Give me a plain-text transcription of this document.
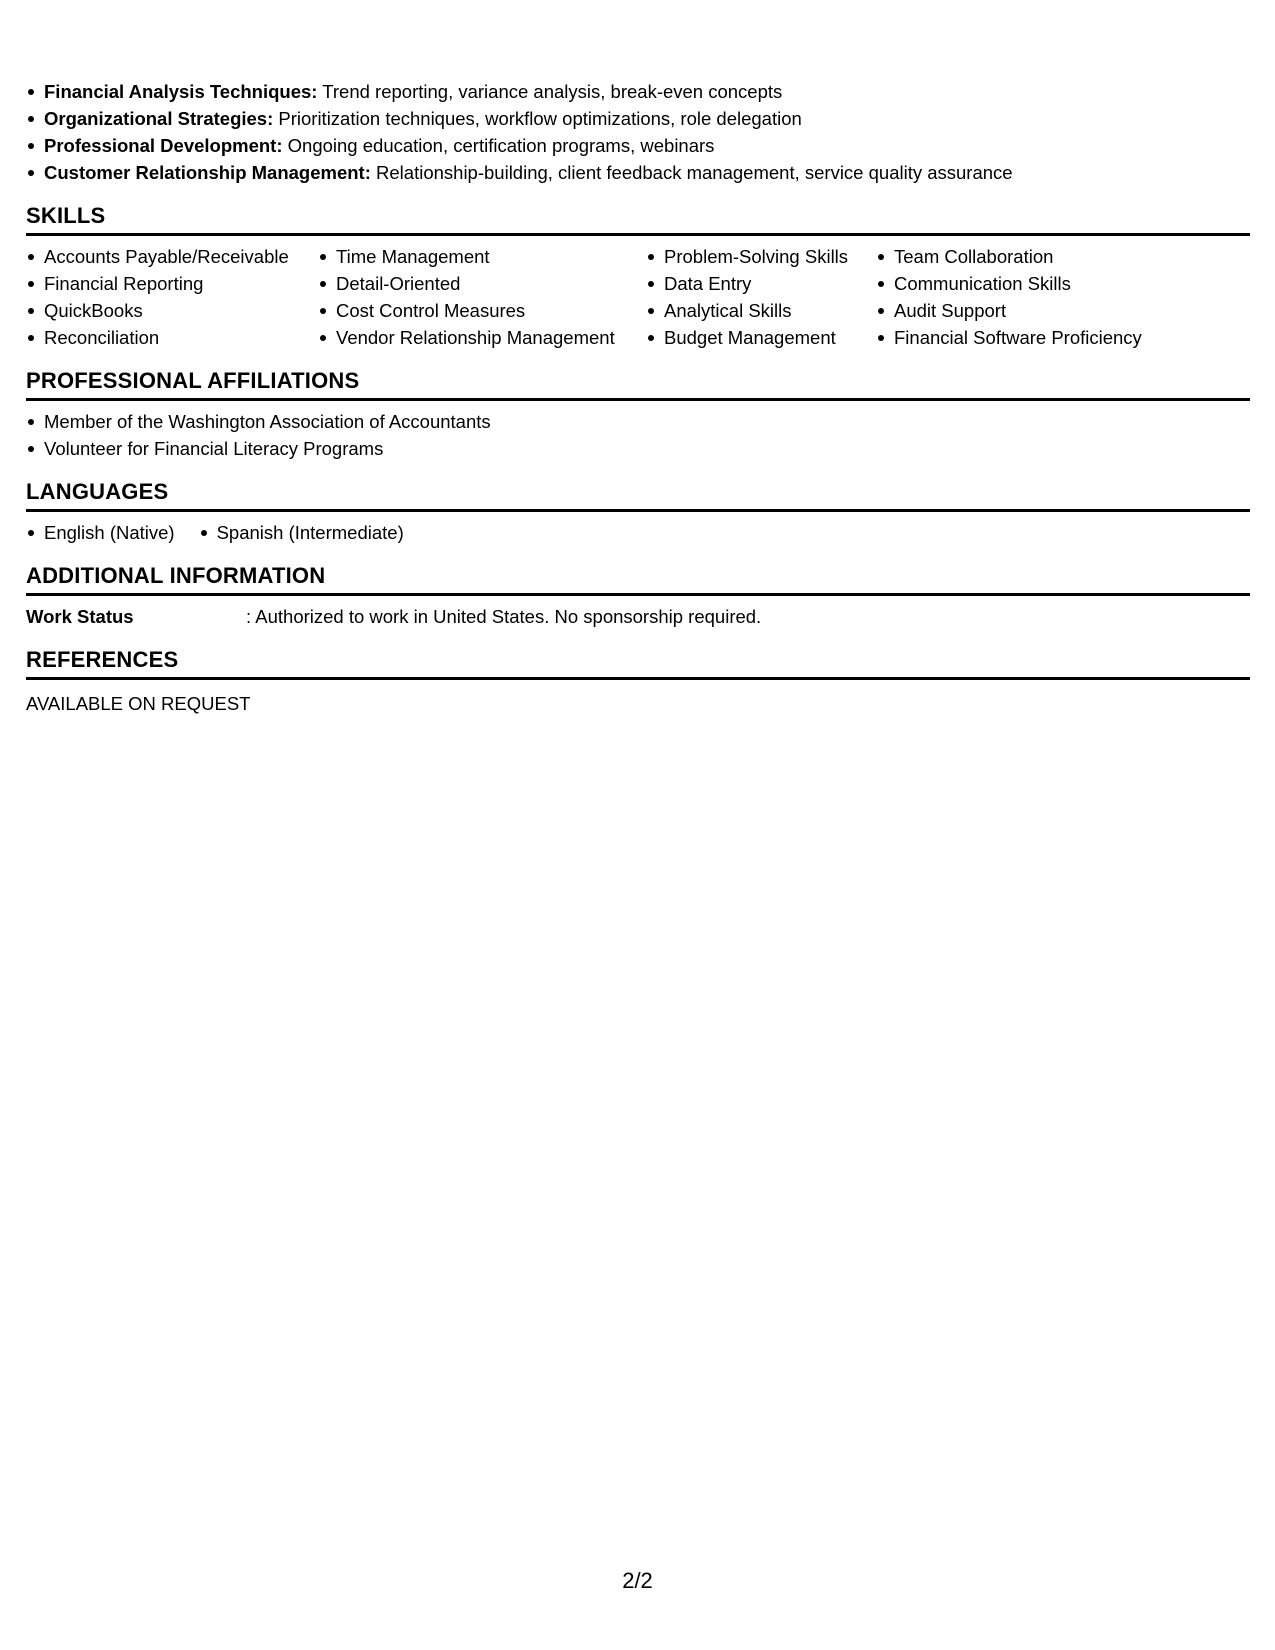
Financial Analysis Techniques: Trend reporting, variance analysis, break-even concepts
Organizational Strategies: Prioritization techniques, workflow optimizations, role delegation
Professional Development: Ongoing education, certification programs, webinars
Customer Relationship Management: Relationship-building, client feedback management, service quality assurance
SKILLS
Accounts Payable/Receivable
Financial Reporting
QuickBooks
Reconciliation
Time Management
Detail-Oriented
Cost Control Measures
Vendor Relationship Management
Problem-Solving Skills
Data Entry
Analytical Skills
Budget Management
Team Collaboration
Communication Skills
Audit Support
Financial Software Proficiency
PROFESSIONAL AFFILIATIONS
Member of the Washington Association of Accountants
Volunteer for Financial Literacy Programs
LANGUAGES
English (Native)	Spanish (Intermediate)
ADDITIONAL INFORMATION
Work Status	: Authorized to work in United States. No sponsorship required.
REFERENCES
AVAILABLE ON REQUEST
2/2
